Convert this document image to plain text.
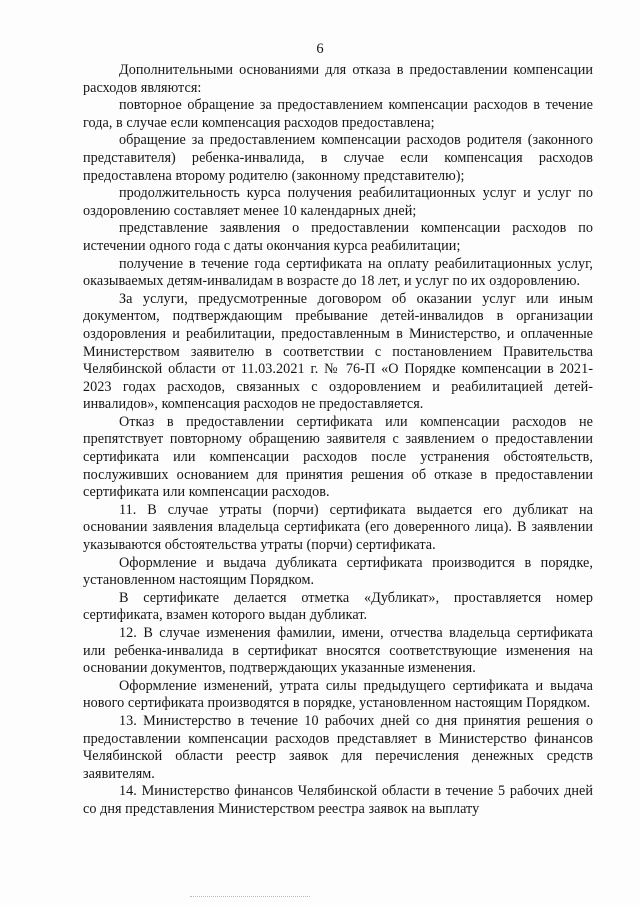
6

Дополнительными основаниями для отказа в предоставлении компенсации расходов являются:

повторное обращение за предоставлением компенсации расходов в течение года, в случае если компенсация расходов предоставлена;

обращение за предоставлением компенсации расходов родителя (законного представителя) ребенка-инвалида, в случае если компенсация расходов предоставлена второму родителю (законному представителю);

продолжительность курса получения реабилитационных услуг и услуг по оздоровлению составляет менее 10 календарных дней;

представление заявления о предоставлении компенсации расходов по истечении одного года с даты окончания курса реабилитации;

получение в течение года сертификата на оплату реабилитационных услуг, оказываемых детям-инвалидам в возрасте до 18 лет, и услуг по их оздоровлению.

За услуги, предусмотренные договором об оказании услуг или иным документом, подтверждающим пребывание детей-инвалидов в организации оздоровления и реабилитации, предоставленным в Министерство, и оплаченные Министерством заявителю в соответствии с постановлением Правительства Челябинской области от 11.03.2021 г. № 76-П «О Порядке компенсации в 2021-2023 годах расходов, связанных с оздоровлением и реабилитацией детей-инвалидов», компенсация расходов не предоставляется.

Отказ в предоставлении сертификата или компенсации расходов не препятствует повторному обращению заявителя с заявлением о предоставлении сертификата или компенсации расходов после устранения обстоятельств, послуживших основанием для принятия решения об отказе в предоставлении сертификата или компенсации расходов.

11. В случае утраты (порчи) сертификата выдается его дубликат на основании заявления владельца сертификата (его доверенного лица). В заявлении указываются обстоятельства утраты (порчи) сертификата.

Оформление и выдача дубликата сертификата производится в порядке, установленном настоящим Порядком.

В сертификате делается отметка «Дубликат», проставляется номер сертификата, взамен которого выдан дубликат.

12. В случае изменения фамилии, имени, отчества владельца сертификата или ребенка-инвалида в сертификат вносятся соответствующие изменения на основании документов, подтверждающих указанные изменения.

Оформление изменений, утрата силы предыдущего сертификата и выдача нового сертификата производятся в порядке, установленном настоящим Порядком.

13. Министерство в течение 10 рабочих дней со дня принятия решения о предоставлении компенсации расходов представляет в Министерство финансов Челябинской области реестр заявок для перечисления денежных средств заявителям.

14. Министерство финансов Челябинской области в течение 5 рабочих дней со дня представления Министерством реестра заявок на выплату
